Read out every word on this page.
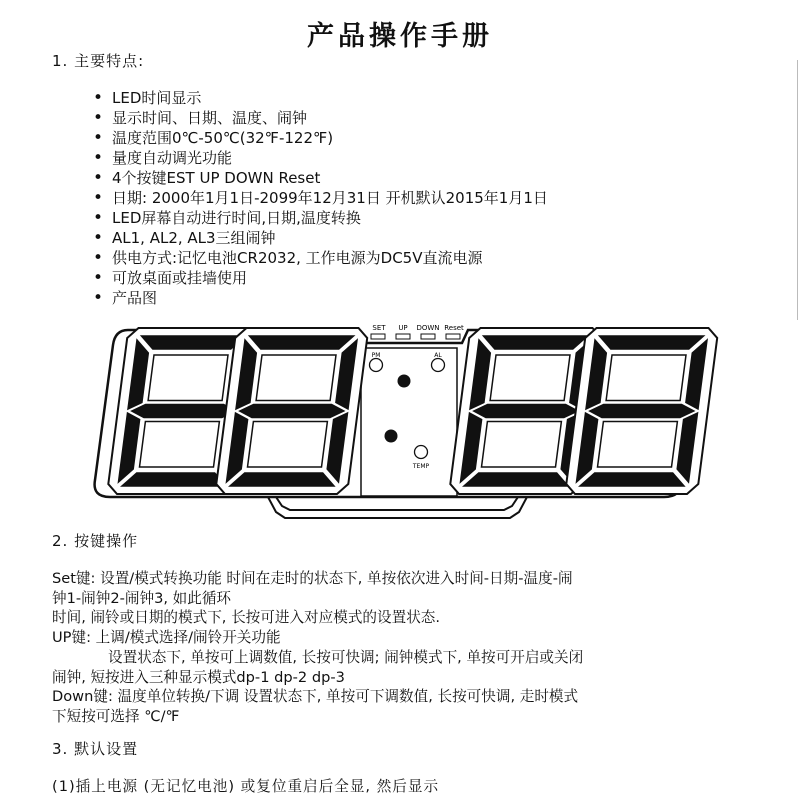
产品操作手册
1. 主要特点:
• LED时间显示
• 显示时间、日期、温度、闹钟
• 温度范围0℃-50℃(32℉-122℉)
• 量度自动调光功能
• 4个按键EST UP DOWN Reset
• 日期: 2000年1月1日-2099年12月31日 开机默认2015年1月1日
• LED屏幕自动进行时间,日期,温度转换
• AL1, AL2, AL3三组闹钟
• 供电方式:记忆电池CR2032, 工作电源为DC5V直流电源
• 可放桌面或挂墙使用
• 产品图
SET UP DOWN Reset
PM	AL
TEMP
2. 按键操作

Set键: 设置/模式转换功能 时间在走时的状态下, 单按依次进入时间-日期-温度-闹

钟1-闹钟2-闹钟3, 如此循环

时间, 闹铃或日期的模式下, 长按可进入对应模式的设置状态.

UP键: 上调/模式选择/闹铃开关功能

设置状态下, 单按可上调数值, 长按可快调; 闹钟模式下, 单按可开启或关闭

闹钟, 短按进入三种显示模式dp-1 dp-2 dp-3

Down键: 温度单位转换/下调 设置状态下, 单按可下调数值, 长按可快调, 走时模式

下短按可选择 ℃/℉

3. 默认设置
(1)插上电源 (无记忆电池) 或复位重启后全显, 然后显示
